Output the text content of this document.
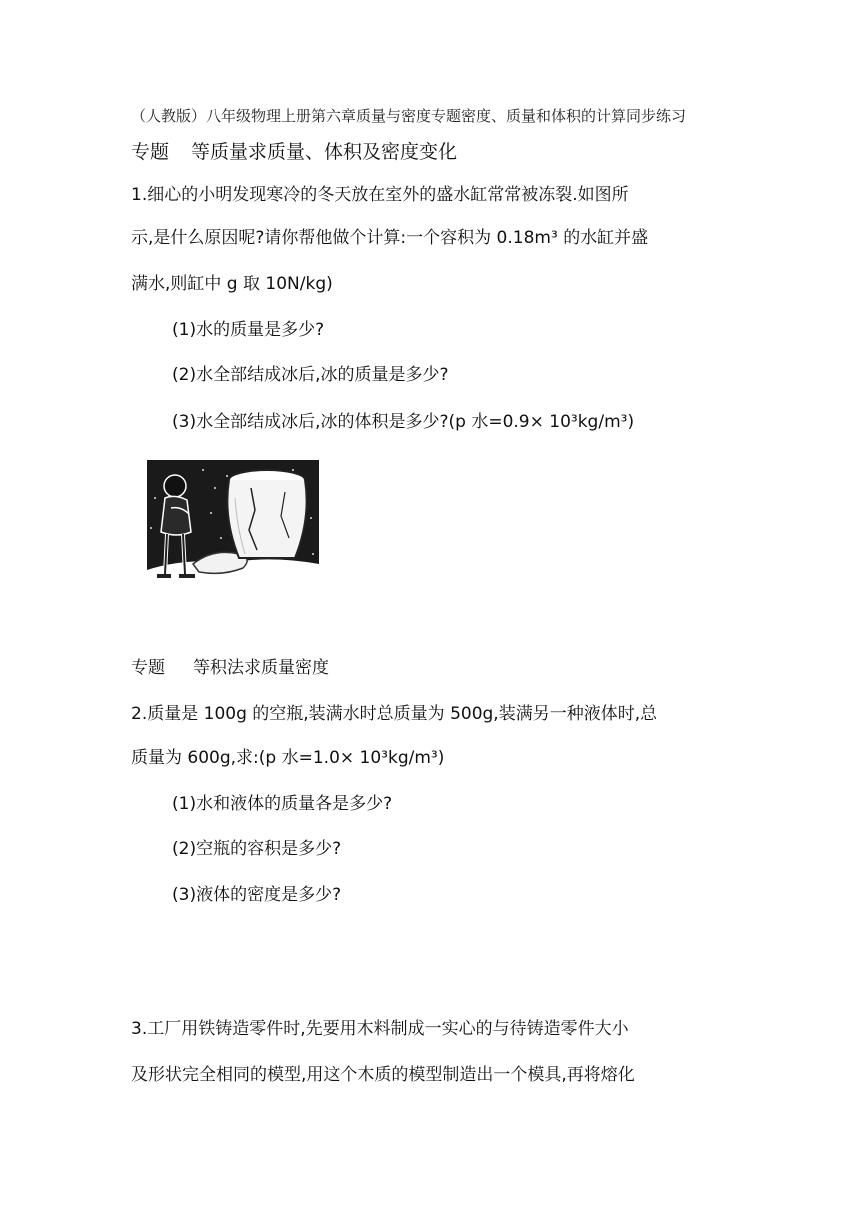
（人教版）八年级物理上册第六章质量与密度专题密度、质量和体积的计算同步练习
专题 等质量求质量、体积及密度变化
1.细心的小明发现寒冷的冬天放在室外的盛水缸常常被冻裂.如图所
示,是什么原因呢?请你帮他做个计算:一个容积为 0.18m³ 的水缸并盛
满水,则缸中 g 取 10N/kg)
(1)水的质量是多少?
(2)水全部结成冰后,冰的质量是多少?
(3)水全部结成冰后,冰的体积是多少?(p 水=0.9× 10³kg/m³)
专题 等积法求质量密度
2.质量是 100g 的空瓶,装满水时总质量为 500g,装满另一种液体时,总
质量为 600g,求:(p 水=1.0× 10³kg/m³)
(1)水和液体的质量各是多少?
(2)空瓶的容积是多少?
(3)液体的密度是多少?
3.工厂用铁铸造零件时,先要用木料制成一实心的与待铸造零件大小
及形状完全相同的模型,用这个木质的模型制造出一个模具,再将熔化
